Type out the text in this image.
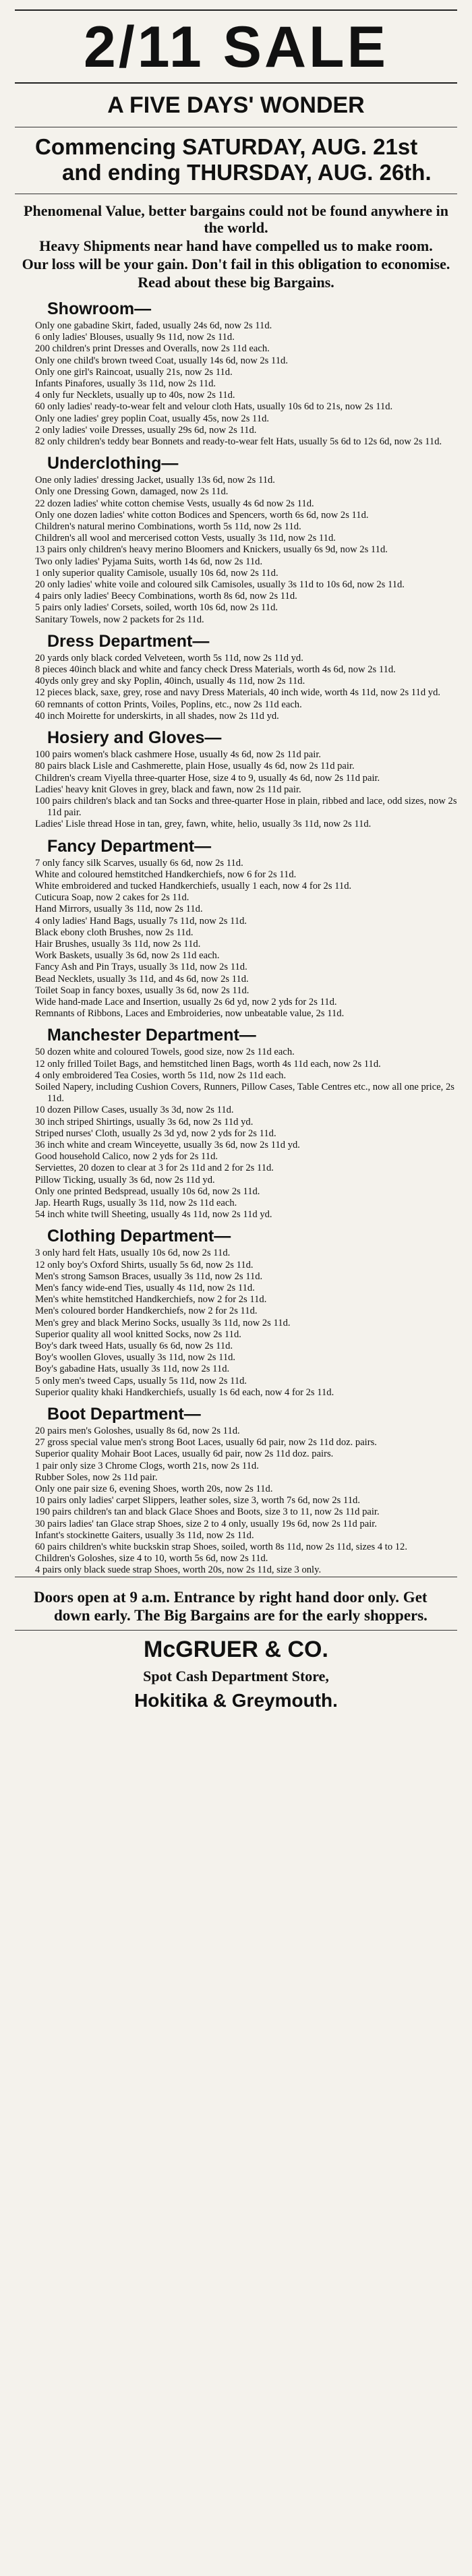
2/11 SALE
A FIVE DAYS' WONDER
Commencing SATURDAY, AUG. 21st and ending THURSDAY, AUG. 26th.

Phenomenal Value, better bargains could not be found anywhere in the world.

Heavy Shipments near hand have compelled us to make room.

Our loss will be your gain. Don't fail in this obligation to economise.

Read about these big Bargains.

Showroom—

Only one gabadine Skirt, faded, usually 24s 6d, now 2s 11d.

6 only ladies' Blouses, usually 9s 11d, now 2s 11d.

200 children's print Dresses and Overalls, now 2s 11d each.

Only one child's brown tweed Coat, usually 14s 6d, now 2s 11d.

Only one girl's Raincoat, usually 21s, now 2s 11d.

Infants Pinafores, usually 3s 11d, now 2s 11d.

4 only fur Necklets, usually up to 40s, now 2s 11d.

60 only ladies' ready-to-wear felt and velour cloth Hats, usually 10s 6d to 21s, now 2s 11d.

Only one ladies' grey poplin Coat, usually 45s, now 2s 11d.

2 only ladies' voile Dresses, usually 29s 6d, now 2s 11d.

82 only children's teddy bear Bonnets and ready-to-wear felt Hats, usually 5s 6d to 12s 6d, now 2s 11d.

Underclothing—

One only ladies' dressing Jacket, usually 13s 6d, now 2s 11d.

Only one Dressing Gown, damaged, now 2s 11d.

22 dozen ladies' white cotton chemise Vests, usually 4s 6d now 2s 11d.

Only one dozen ladies' white cotton Bodices and Spencers, worth 6s 6d, now 2s 11d.

Children's natural merino Combinations, worth 5s 11d, now 2s 11d.

Children's all wool and mercerised cotton Vests, usually 3s 11d, now 2s 11d.

13 pairs only children's heavy merino Bloomers and Knickers, usually 6s 9d, now 2s 11d.

Two only ladies' Pyjama Suits, worth 14s 6d, now 2s 11d.

1 only superior quality Camisole, usually 10s 6d, now 2s 11d.

20 only ladies' white voile and coloured silk Camisoles, usually 3s 11d to 10s 6d, now 2s 11d.

4 pairs only ladies' Beecy Combinations, worth 8s 6d, now 2s 11d.

5 pairs only ladies' Corsets, soiled, worth 10s 6d, now 2s 11d.

Sanitary Towels, now 2 packets for 2s 11d.

Dress Department—

20 yards only black corded Velveteen, worth 5s 11d, now 2s 11d yd.

8 pieces 40inch black and white and fancy check Dress Materials, worth 4s 6d, now 2s 11d.

40yds only grey and sky Poplin, 40inch, usually 4s 11d, now 2s 11d.

12 pieces black, saxe, grey, rose and navy Dress Materials, 40 inch wide, worth 4s 11d, now 2s 11d yd.

60 remnants of cotton Prints, Voiles, Poplins, etc., now 2s 11d each.

40 inch Moirette for underskirts, in all shades, now 2s 11d yd.

Hosiery and Gloves—

100 pairs women's black cashmere Hose, usually 4s 6d, now 2s 11d pair.

80 pairs black Lisle and Cashmerette, plain Hose, usually 4s 6d, now 2s 11d pair.

Children's cream Viyella three-quarter Hose, size 4 to 9, usually 4s 6d, now 2s 11d pair.

Ladies' heavy knit Gloves in grey, black and fawn, now 2s 11d pair.

100 pairs children's black and tan Socks and three-quarter Hose in plain, ribbed and lace, odd sizes, now 2s 11d pair.

Ladies' Lisle thread Hose in tan, grey, fawn, white, helio, usually 3s 11d, now 2s 11d.

Fancy Department—

7 only fancy silk Scarves, usually 6s 6d, now 2s 11d.

White and coloured hemstitched Handkerchiefs, now 6 for 2s 11d.

White embroidered and tucked Handkerchiefs, usually 1 each, now 4 for 2s 11d.

Cuticura Soap, now 2 cakes for 2s 11d.

Hand Mirrors, usually 3s 11d, now 2s 11d.

4 only ladies' Hand Bags, usually 7s 11d, now 2s 11d.

Black ebony cloth Brushes, now 2s 11d.

Hair Brushes, usually 3s 11d, now 2s 11d.

Work Baskets, usually 3s 6d, now 2s 11d each.

Fancy Ash and Pin Trays, usually 3s 11d, now 2s 11d.

Bead Necklets, usually 3s 11d, and 4s 6d, now 2s 11d.

Toilet Soap in fancy boxes, usually 3s 6d, now 2s 11d.

Wide hand-made Lace and Insertion, usually 2s 6d yd, now 2 yds for 2s 11d.

Remnants of Ribbons, Laces and Embroideries, now unbeatable value, 2s 11d.

Manchester Department—

50 dozen white and coloured Towels, good size, now 2s 11d each.

12 only frilled Toilet Bags, and hemstitched linen Bags, worth 4s 11d each, now 2s 11d.

4 only embroidered Tea Cosies, worth 5s 11d, now 2s 11d each.

Soiled Napery, including Cushion Covers, Runners, Pillow Cases, Table Centres etc., now all one price, 2s 11d.

10 dozen Pillow Cases, usually 3s 3d, now 2s 11d.

30 inch striped Shirtings, usually 3s 6d, now 2s 11d yd.

Striped nurses' Cloth, usually 2s 3d yd, now 2 yds for 2s 11d.

36 inch white and cream Winceyette, usually 3s 6d, now 2s 11d yd.

Good household Calico, now 2 yds for 2s 11d.

Serviettes, 20 dozen to clear at 3 for 2s 11d and 2 for 2s 11d.

Pillow Ticking, usually 3s 6d, now 2s 11d yd.

Only one printed Bedspread, usually 10s 6d, now 2s 11d.

Jap. Hearth Rugs, usually 3s 11d, now 2s 11d each.

54 inch white twill Sheeting, usually 4s 11d, now 2s 11d yd.

Clothing Department—

3 only hard felt Hats, usually 10s 6d, now 2s 11d.

12 only boy's Oxford Shirts, usually 5s 6d, now 2s 11d.

Men's strong Samson Braces, usually 3s 11d, now 2s 11d.

Men's fancy wide-end Ties, usually 4s 11d, now 2s 11d.

Men's white hemstitched Handkerchiefs, now 2 for 2s 11d.

Men's coloured border Handkerchiefs, now 2 for 2s 11d.

Men's grey and black Merino Socks, usually 3s 11d, now 2s 11d.

Superior quality all wool knitted Socks, now 2s 11d.

Boy's dark tweed Hats, usually 6s 6d, now 2s 11d.

Boy's woollen Gloves, usually 3s 11d, now 2s 11d.

Boy's gabadine Hats, usually 3s 11d, now 2s 11d.

5 only men's tweed Caps, usually 5s 11d, now 2s 11d.

Superior quality khaki Handkerchiefs, usually 1s 6d each, now 4 for 2s 11d.

Boot Department—

20 pairs men's Goloshes, usually 8s 6d, now 2s 11d.

27 gross special value men's strong Boot Laces, usually 6d pair, now 2s 11d doz. pairs.

Superior quality Mohair Boot Laces, usually 6d pair, now 2s 11d doz. pairs.

1 pair only size 3 Chrome Clogs, worth 21s, now 2s 11d.

Rubber Soles, now 2s 11d pair.

Only one pair size 6, evening Shoes, worth 20s, now 2s 11d.

10 pairs only ladies' carpet Slippers, leather soles, size 3, worth 7s 6d, now 2s 11d.

190 pairs children's tan and black Glace Shoes and Boots, size 3 to 11, now 2s 11d pair.

30 pairs ladies' tan Glace strap Shoes, size 2 to 4 only, usually 19s 6d, now 2s 11d pair.

Infant's stockinette Gaiters, usually 3s 11d, now 2s 11d.

60 pairs children's white buckskin strap Shoes, soiled, worth 8s 11d, now 2s 11d, sizes 4 to 12.

Children's Goloshes, size 4 to 10, worth 5s 6d, now 2s 11d.

4 pairs only black suede strap Shoes, worth 20s, now 2s 11d, size 3 only.

Doors open at 9 a.m. Entrance by right hand door only. Get down early. The Big Bargains are for the early shoppers.
McGRUER & CO.
Spot Cash Department Store,
Hokitika & Greymouth.
